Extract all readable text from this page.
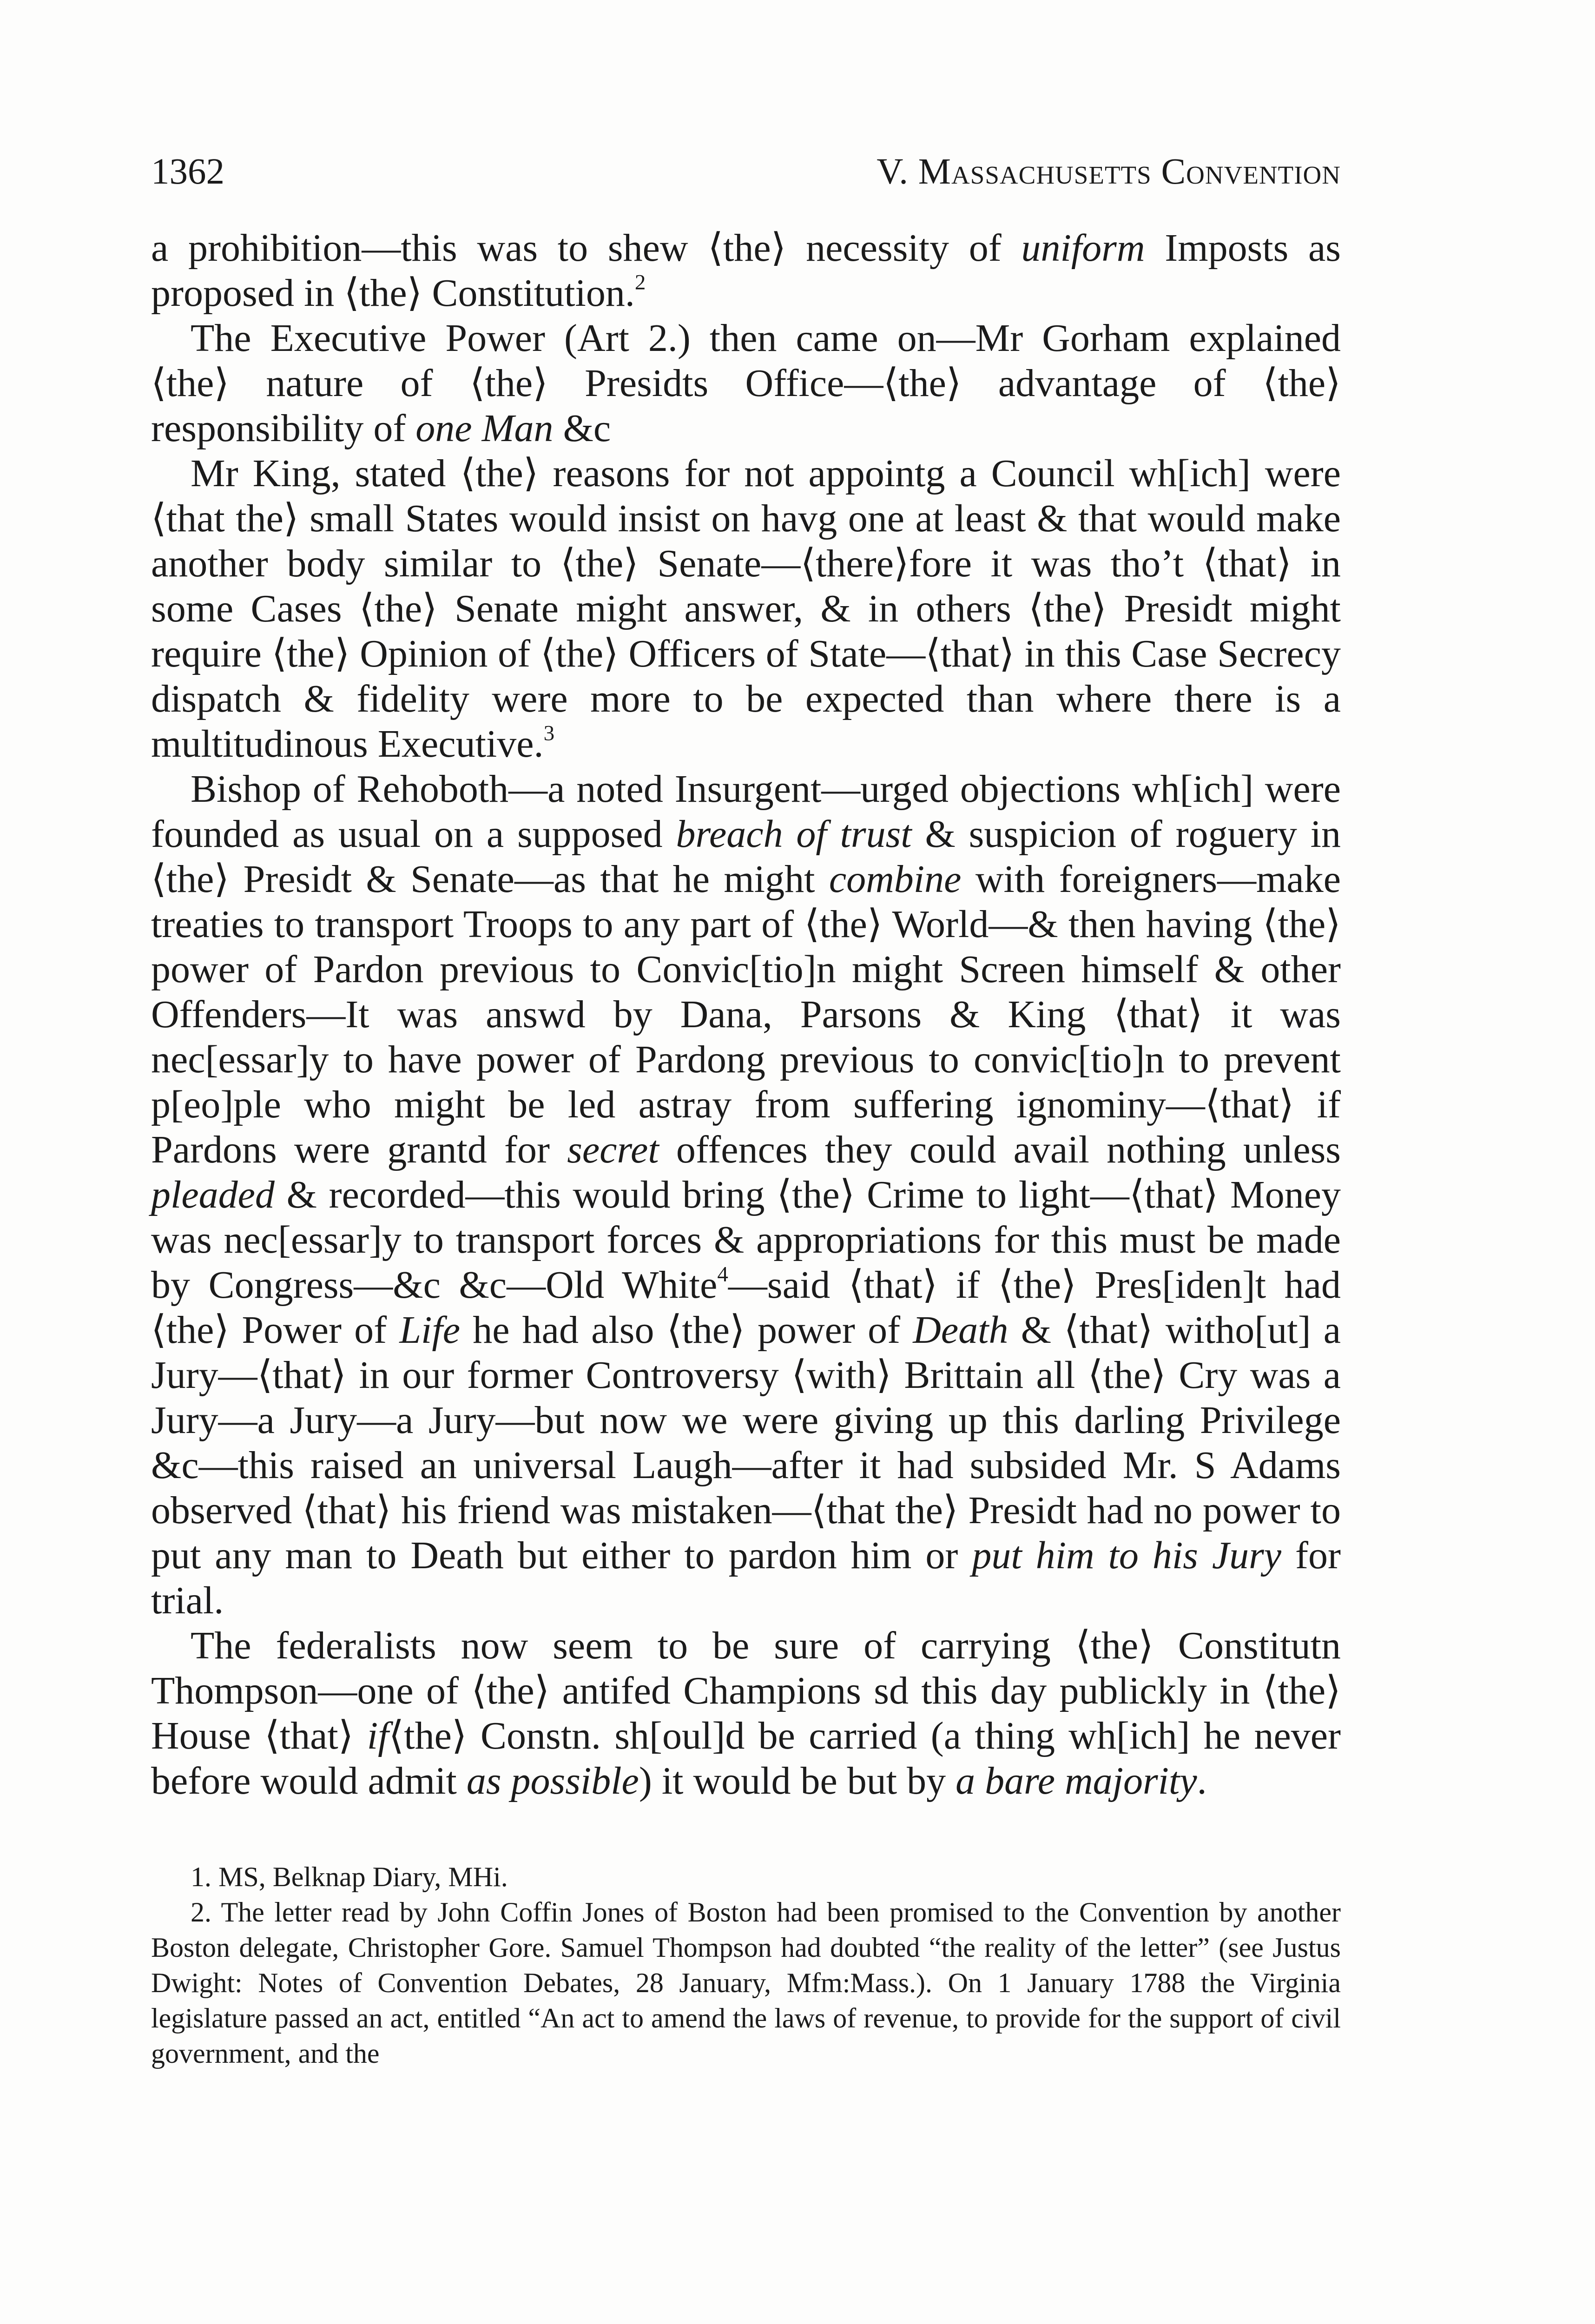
1362	V. Massachusetts Convention

a prohibition—this was to shew ⟨the⟩ necessity of uniform Imposts as proposed in ⟨the⟩ Constitution.$^2$

The Executive Power (Art 2.) then came on—Mr Gorham explained ⟨the⟩ nature of ⟨the⟩ Presidts Office—⟨the⟩ advantage of ⟨the⟩ responsibility of one Man &c

Mr King, stated ⟨the⟩ reasons for not appointg a Council wh[ich] were ⟨that the⟩ small States would insist on havg one at least & that would make another body similar to ⟨the⟩ Senate—⟨there⟩fore it was tho’t ⟨that⟩ in some Cases ⟨the⟩ Senate might answer, & in others ⟨the⟩ Presidt might require ⟨the⟩ Opinion of ⟨the⟩ Officers of State—⟨that⟩ in this Case Secrecy dispatch & fidelity were more to be expected than where there is a multitudinous Executive.$^3$

Bishop of Rehoboth—a noted Insurgent—urged objections wh[ich] were founded as usual on a supposed breach of trust & suspicion of roguery in ⟨the⟩ Presidt & Senate—as that he might combine with foreigners—make treaties to transport Troops to any part of ⟨the⟩ World—& then having ⟨the⟩ power of Pardon previous to Convic[tio]n might Screen himself & other Offenders—It was answd by Dana, Parsons & King ⟨that⟩ it was nec[essar]y to have power of Pardong previous to convic[tio]n to prevent p[eo]ple who might be led astray from suffering ignominy—⟨that⟩ if Pardons were grantd for secret offences they could avail nothing unless pleaded & recorded—this would bring ⟨the⟩ Crime to light—⟨that⟩ Money was nec[essar]y to transport forces & appropriations for this must be made by Congress—&c &c—Old White$^4$—said ⟨that⟩ if ⟨the⟩ Pres[iden]t had ⟨the⟩ Power of Life he had also ⟨the⟩ power of Death & ⟨that⟩ witho[ut] a Jury—⟨that⟩ in our former Controversy ⟨with⟩ Brittain all ⟨the⟩ Cry was a Jury—a Jury—a Jury—but now we were giving up this darling Privilege &c—this raised an universal Laugh—after it had subsided Mr. S Adams observed ⟨that⟩ his friend was mistaken—⟨that the⟩ Presidt had no power to put any man to Death but either to pardon him or put him to his Jury for trial.

The federalists now seem to be sure of carrying ⟨the⟩ Constitutn Thompson—one of ⟨the⟩ antifed Champions sd this day publickly in ⟨the⟩ House ⟨that⟩ if⟨the⟩ Constn. sh[oul]d be carried (a thing wh[ich] he never before would admit as possible) it would be but by a bare majority.

1. MS, Belknap Diary, MHi.

2. The letter read by John Coffin Jones of Boston had been promised to the Convention by another Boston delegate, Christopher Gore. Samuel Thompson had doubted “the reality of the letter” (see Justus Dwight: Notes of Convention Debates, 28 January, Mfm:Mass.). On 1 January 1788 the Virginia legislature passed an act, entitled “An act to amend the laws of revenue, to provide for the support of civil government, and the
